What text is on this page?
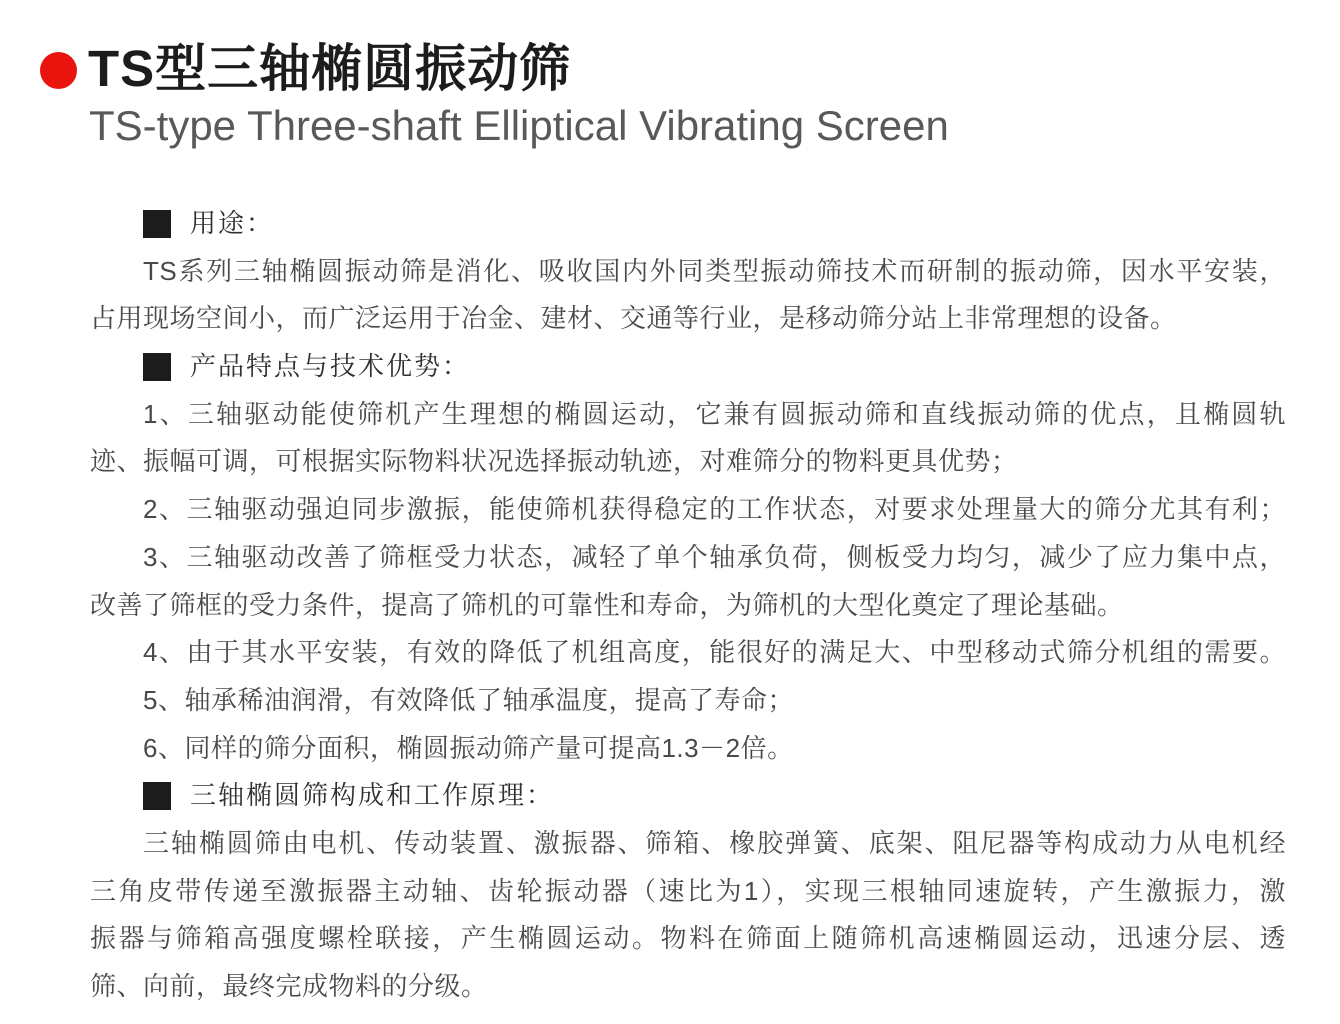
TS型三轴椭圆振动筛
TS-type Three-shaft Elliptical Vibrating Screen
用途：
TS系列三轴椭圆振动筛是消化、吸收国内外同类型振动筛技术而研制的振动筛，因水平安装，
占用现场空间小，而广泛运用于冶金、建材、交通等行业，是移动筛分站上非常理想的设备。
产品特点与技术优势：
1、三轴驱动能使筛机产生理想的椭圆运动，它兼有圆振动筛和直线振动筛的优点，且椭圆轨
迹、振幅可调，可根据实际物料状况选择振动轨迹，对难筛分的物料更具优势；
2、三轴驱动强迫同步激振，能使筛机获得稳定的工作状态，对要求处理量大的筛分尤其有利；
3、三轴驱动改善了筛框受力状态，减轻了单个轴承负荷，侧板受力均匀，减少了应力集中点，
改善了筛框的受力条件，提高了筛机的可靠性和寿命，为筛机的大型化奠定了理论基础。
4、由于其水平安装，有效的降低了机组高度，能很好的满足大、中型移动式筛分机组的需要。
5、轴承稀油润滑，有效降低了轴承温度，提高了寿命；
6、同样的筛分面积，椭圆振动筛产量可提高1.3－2倍。
三轴椭圆筛构成和工作原理：
三轴椭圆筛由电机、传动装置、激振器、筛箱、橡胶弹簧、底架、阻尼器等构成动力从电机经
三角皮带传递至激振器主动轴、齿轮振动器（速比为1），实现三根轴同速旋转，产生激振力，激
振器与筛箱高强度螺栓联接，产生椭圆运动。物料在筛面上随筛机高速椭圆运动，迅速分层、透
筛、向前，最终完成物料的分级。
